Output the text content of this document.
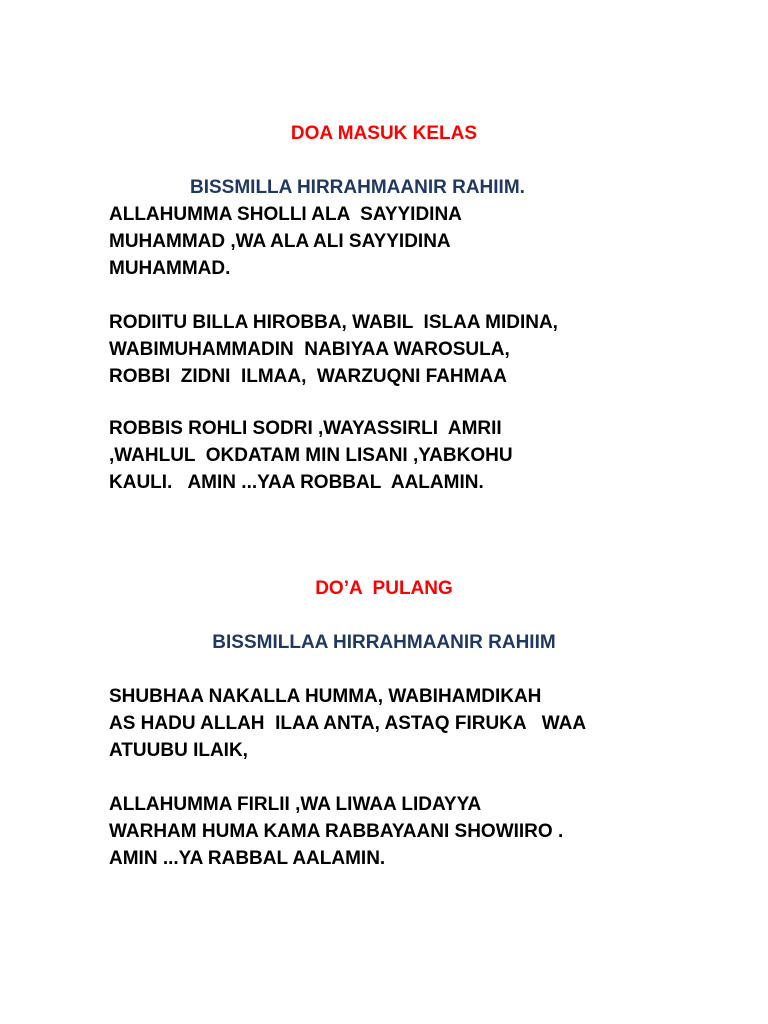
DOA MASUK KELAS
BISSMILLA HIRRAHMAANIR RAHIIM.
ALLAHUMMA SHOLLI ALA  SAYYIDINA
MUHAMMAD ,WA ALA ALI SAYYIDINA
MUHAMMAD.
RODIITU BILLA HIROBBA, WABIL  ISLAA MIDINA,
WABIMUHAMMADIN  NABIYAA WAROSULA,
ROBBI  ZIDNI  ILMAA,  WARZUQNI FAHMAA
ROBBIS ROHLI SODRI ,WAYASSIRLI  AMRII
,WAHLUL  OKDATAM MIN LISANI ,YABKOHU
KAULI.   AMIN ...YAA ROBBAL  AALAMIN.
DO’A  PULANG
BISSMILLAA HIRRAHMAANIR RAHIIM
SHUBHAA NAKALLA HUMMA, WABIHAMDIKAH
AS HADU ALLAH  ILAA ANTA, ASTAQ FIRUKA   WAA
ATUUBU ILAIK,
ALLAHUMMA FIRLII ,WA LIWAA LIDAYYA
WARHAM HUMA KAMA RABBAYAANI SHOWIIRO .
AMIN ...YA RABBAL AALAMIN.
